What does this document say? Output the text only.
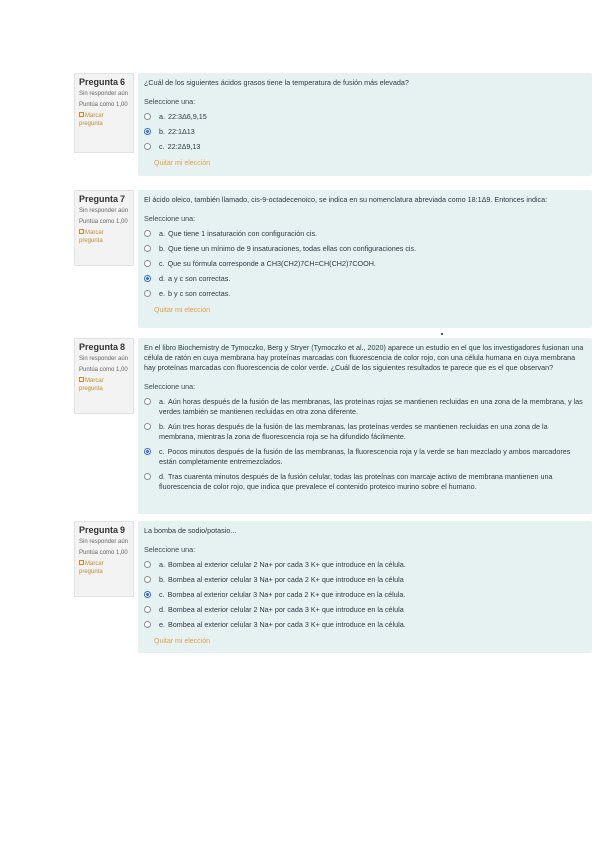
Pregunta 6
Sin responder aún
Puntúa como 1,00
Marcar pregunta
¿Cuál de los siguientes ácidos grasos tiene la temperatura de fusión más elevada?
Seleccione una:
a. 22:3Δ6,9,15
b. 22:1Δ13
c. 22:2Δ9,13
Quitar mi elección
Pregunta 7
Sin responder aún
Puntúa como 1,00
Marcar pregunta
El ácido oleico, también llamado, cis-9-octadecenoico, se indica en su nomenclatura abreviada como 18:1Δ9. Entonces indica:
Seleccione una:
a. Que tiene 1 insaturación con configuración cis.
b. Que tiene un mínimo de 9 insaturaciones, todas ellas con configuraciones cis.
c. Que su fórmula corresponde a CH3(CH2)7CH=CH(CH2)7COOH.
d. a y c son correctas.
e. b y c son correctas.
Quitar mi elección
Pregunta 8
Sin responder aún
Puntúa como 1,00
Marcar pregunta
En el libro Biochemistry de Tymoczko, Berg y Stryer (Tymoczko et al., 2020) aparece un estudio en el que los investigadores fusionan una célula de ratón en cuya membrana hay proteínas marcadas con fluorescencia de color rojo, con una célula humana en cuya membrana hay proteínas marcadas con fluorescencia de color verde. ¿Cuál de los siguientes resultados te parece que es el que observan?
Seleccione una:
a. Aún horas después de la fusión de las membranas, las proteínas rojas se mantienen recluidas en una zona de la membrana, y las verdes también se mantienen recluidas en otra zona diferente.
b. Aún tres horas después de la fusión de las membranas, las proteínas verdes se mantienen recluidas en una zona de la membrana, mientras la zona de fluorescencia roja se ha difundido fácilmente.
c. Pocos minutos después de la fusión de las membranas, la fluorescencia roja y la verde se han mezclado y ambos marcadores están completamente entremezclados.
d. Tras cuarenta minutos después de la fusión celular, todas las proteínas con marcaje activo de membrana mantienen una fluorescencia de color rojo, que indica que prevalece el contenido proteico murino sobre el humano.
Pregunta 9
Sin responder aún
Puntúa como 1,00
Marcar pregunta
La bomba de sodio/potasio...
Seleccione una:
a. Bombea al exterior celular 2 Na+ por cada 3 K+ que introduce en la célula.
b. Bombea al exterior celular 3 Na+ por cada 2 K+ que introduce en la célula
c. Bombea al exterior celular 3 Na+ por cada 2 K+ que introduce en la célula.
d. Bombea al exterior celular 2 Na+ por cada 3 K+ que introduce en la célula
e. Bombea al exterior celular 3 Na+ por cada 3 K+ que introduce en la célula.
Quitar mi elección
